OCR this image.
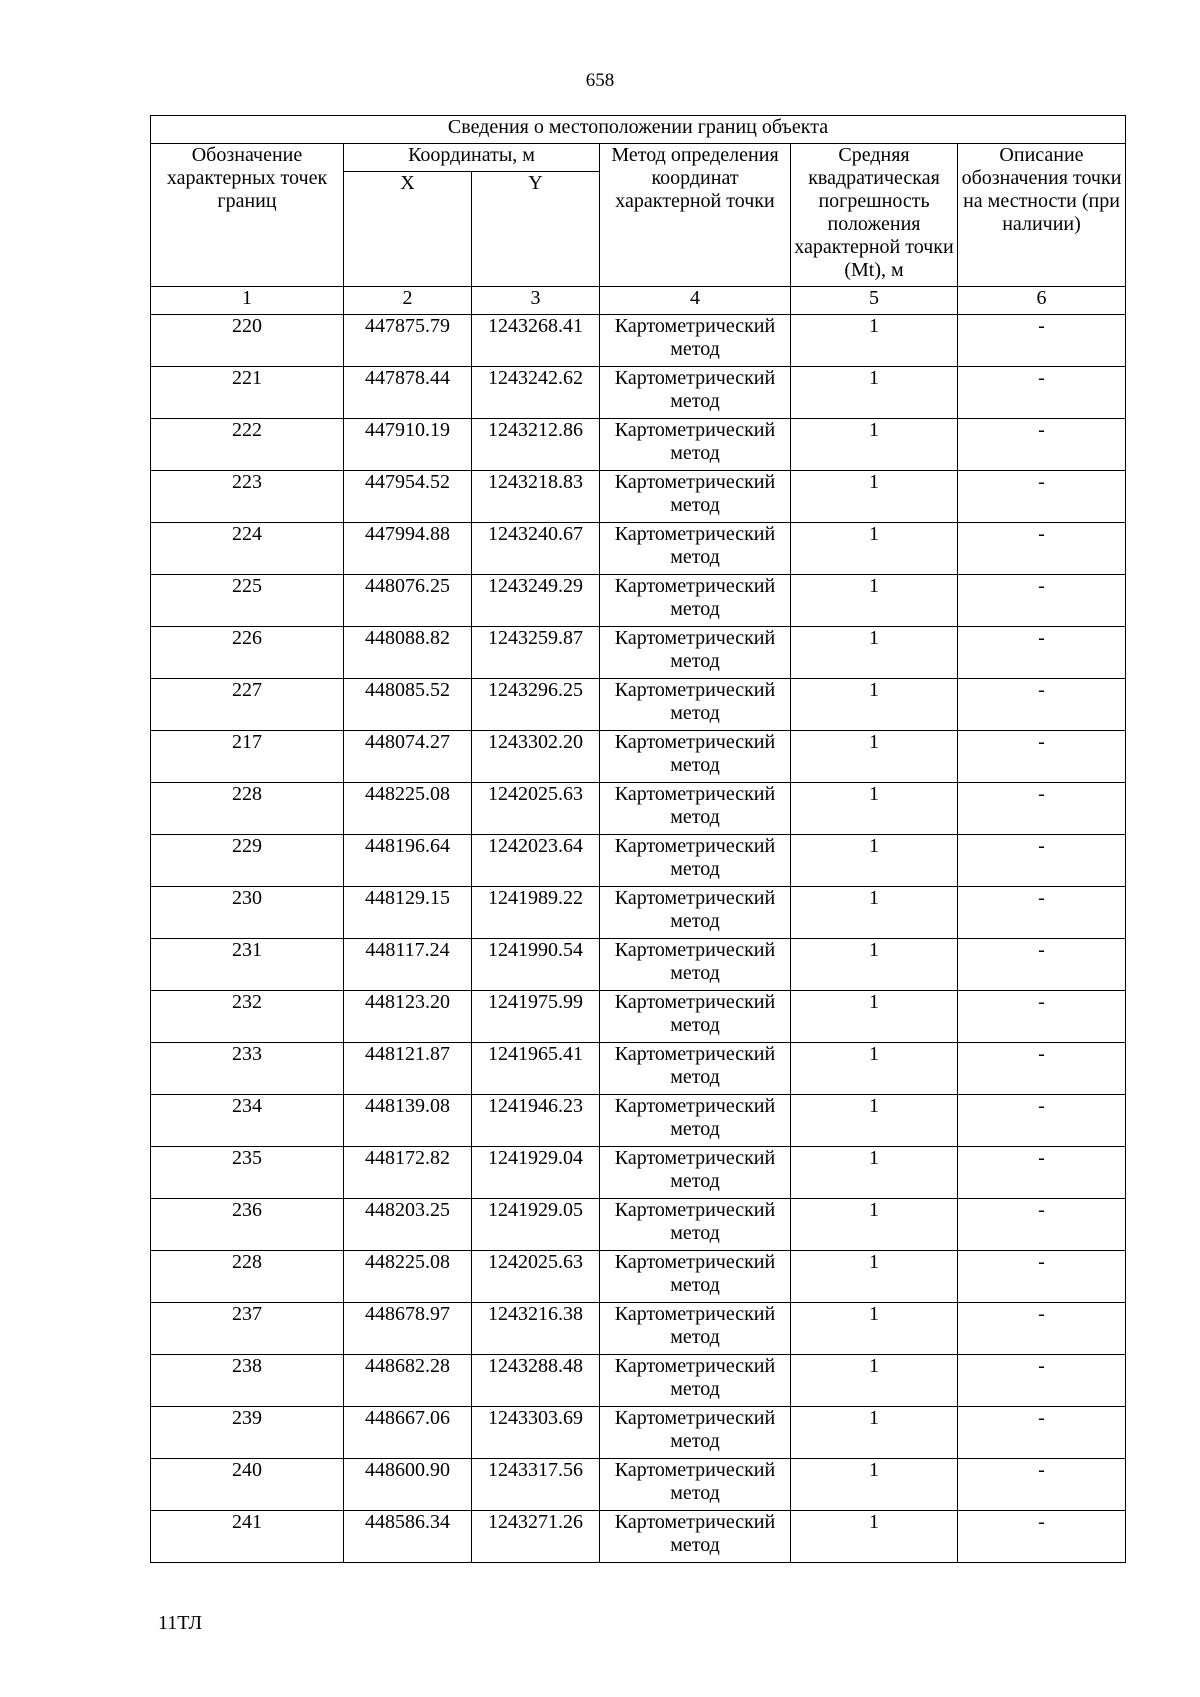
658
Сведения о местоположении границ объекта					
Обозначение характерных точек границ	Координаты, м		Метод определения координат характерной точки	Средняя квадратическая погрешность положения характерной точки (Mt), м	Описание обозначения точки на местности (при наличии)
	X	Y			
1	2	3	4	5	6
220	447875.79	1243268.41	Картометрический метод	1	-
221	447878.44	1243242.62	Картометрический метод	1	-
222	447910.19	1243212.86	Картометрический метод	1	-
223	447954.52	1243218.83	Картометрический метод	1	-
224	447994.88	1243240.67	Картометрический метод	1	-
225	448076.25	1243249.29	Картометрический метод	1	-
226	448088.82	1243259.87	Картометрический метод	1	-
227	448085.52	1243296.25	Картометрический метод	1	-
217	448074.27	1243302.20	Картометрический метод	1	-
228	448225.08	1242025.63	Картометрический метод	1	-
229	448196.64	1242023.64	Картометрический метод	1	-
230	448129.15	1241989.22	Картометрический метод	1	-
231	448117.24	1241990.54	Картометрический метод	1	-
232	448123.20	1241975.99	Картометрический метод	1	-
233	448121.87	1241965.41	Картометрический метод	1	-
234	448139.08	1241946.23	Картометрический метод	1	-
235	448172.82	1241929.04	Картометрический метод	1	-
236	448203.25	1241929.05	Картометрический метод	1	-
228	448225.08	1242025.63	Картометрический метод	1	-
237	448678.97	1243216.38	Картометрический метод	1	-
238	448682.28	1243288.48	Картометрический метод	1	-
239	448667.06	1243303.69	Картометрический метод	1	-
240	448600.90	1243317.56	Картометрический метод	1	-
241	448586.34	1243271.26	Картометрический метод	1	-
11ТЛ
